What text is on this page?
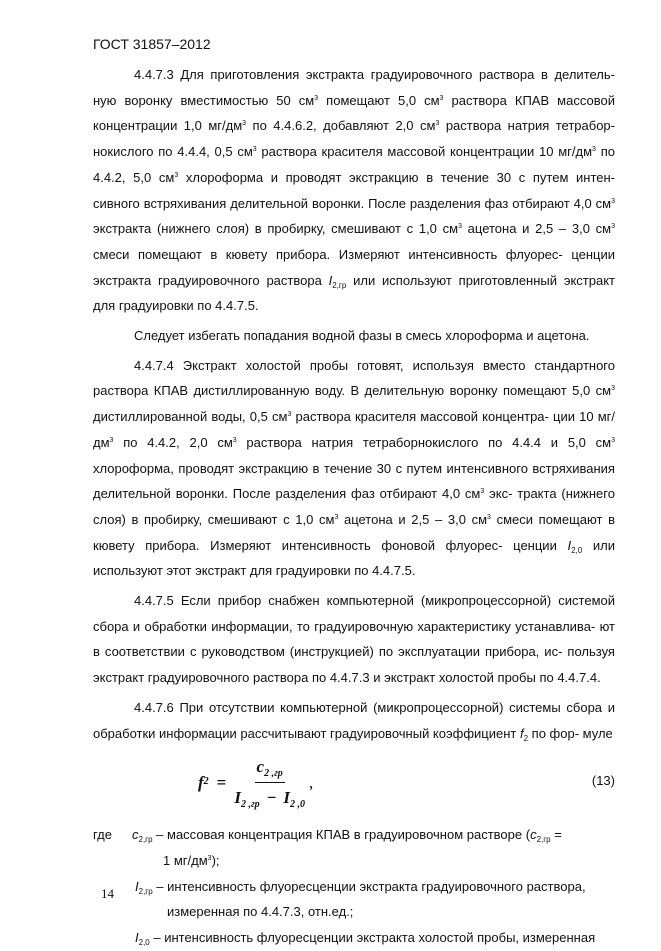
ГОСТ 31857–2012
4.4.7.3 Для приготовления экстракта градуировочного раствора в делитель- ную воронку вместимостью 50 $см^3$ помещают 5,0 $см^3$ раствора КПАВ массовой концентрации 1,0 $мг/дм^3$ по 4.4.6.2, добавляют 2,0 $см^3$ раствора натрия тетрабор- нокислого по 4.4.4, 0,5 $см^3$ раствора красителя массовой концентрации 10 $мг/дм^3$ по 4.4.2, 5,0 $см^3$ хлороформа и проводят экстракцию в течение 30 с путем интен- сивного встряхивания делительной воронки. После разделения фаз отбирают 4,0 $см^3$ экстракта (нижнего слоя) в пробирку, смешивают с 1,0 $см^3$ ацетона и 2,5 – 3,0 $см^3$ смеси помещают в кювету прибора. Измеряют интенсивность флуорес- ценции экстракта градуировочного раствора $I_{2,гр}$ или используют приготовленный экстракт для градуировки по 4.4.7.5.
Следует избегать попадания водной фазы в смесь хлороформа и ацетона.
4.4.7.4 Экстракт холостой пробы готовят, используя вместо стандартного раствора КПАВ дистиллированную воду. В делительную воронку помещают 5,0 $см^3$ дистиллированной воды, 0,5 $см^3$ раствора красителя массовой концентра- ции 10 $мг/дм^3$ по 4.4.2, 2,0 $см^3$ раствора натрия тетраборнокислого по 4.4.4 и 5,0 $см^3$ хлороформа, проводят экстракцию в течение 30 с путем интенсивного встряхивания делительной воронки. После разделения фаз отбирают 4,0 $см^3$ экс- тракта (нижнего слоя) в пробирку, смешивают с 1,0 $см^3$ ацетона и 2,5 – 3,0 $см^3$ смеси помещают в кювету прибора. Измеряют интенсивность фоновой флуорес- ценции $I_{2,0}$ или используют этот экстракт для градуировки по 4.4.7.5.
4.4.7.5 Если прибор снабжен компьютерной (микропроцессорной) системой сбора и обработки информации, то градуировочную характеристику устанавлива- ют в соответствии с руководством (инструкцией) по эксплуатации прибора, ис- пользуя экстракт градуировочного раствора по 4.4.7.3 и экстракт холостой пробы по 4.4.7.4.
4.4.7.6 При отсутствии компьютерной (микропроцессорной) системы сбора и обработки информации рассчитывают градуировочный коэффициент $f_2$ по фор- муле
f $2 = \frac{c_{2 ,гр}}{I_{2 ,гр} - I_{2 ,0}}$ ,	(13)
где	$c_{2,гр}$ – массовая концентрация КПАВ в градуировочном растворе ($c_{2,гр}$ =
1 $мг/дм^3$);
$I_{2,гр}$ – интенсивность флуоресценции экстракта градуировочного раствора,
измеренная по 4.4.7.3, отн.ед.;
$I_{2,0}$ – интенсивность флуоресценции экстракта холостой пробы, измеренная
14
